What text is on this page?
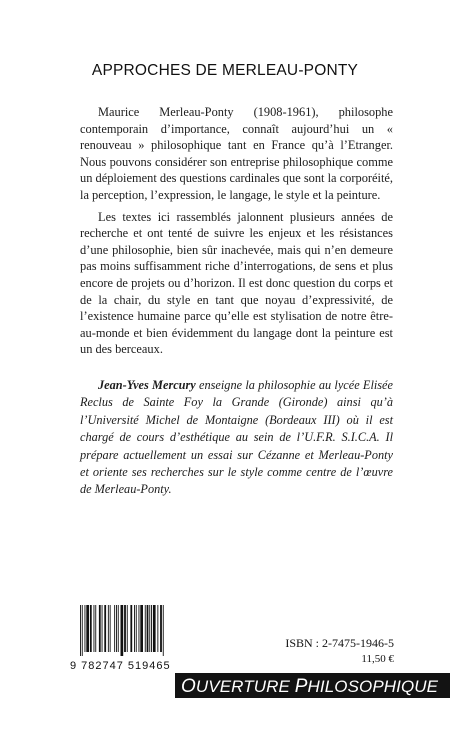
APPROCHES DE MERLEAU-PONTY

Maurice Merleau-Ponty (1908-1961), philosophe contemporain d’importance, connaît aujourd’hui un « renouveau » philosophique tant en France qu’à l’Etranger. Nous pouvons considérer son entreprise philosophique comme un déploiement des questions cardinales que sont la corporéité, la perception, l’expression, le langage, le style et la peinture.

Les textes ici rassemblés jalonnent plusieurs années de recherche et ont tenté de suivre les enjeux et les résistances d’une philosophie, bien sûr inachevée, mais qui n’en demeure pas moins suffisamment riche d’interrogations, de sens et plus encore de projets ou d’horizon. Il est donc question du corps et de la chair, du style en tant que noyau d’expressivité, de l’existence humaine parce qu’elle est stylisation de notre être-au-monde et bien évidemment du langage dont la peinture est un des berceaux.

Jean-Yves Mercury enseigne la philosophie au lycée Elisée Reclus de Sainte Foy la Grande (Gironde) ainsi qu’à l’Université Michel de Montaigne (Bordeaux III) où il est chargé de cours d’esthétique au sein de l’U.F.R. S.I.C.A. Il prépare actuellement un essai sur Cézanne et Merleau-Ponty et oriente ses recherches sur le style comme centre de l’œuvre de Merleau-Ponty.

9 782747 519465
ISBN : 2-7475-1946-5
11,50 €
OUVERTURE PHILOSOPHIQUE
